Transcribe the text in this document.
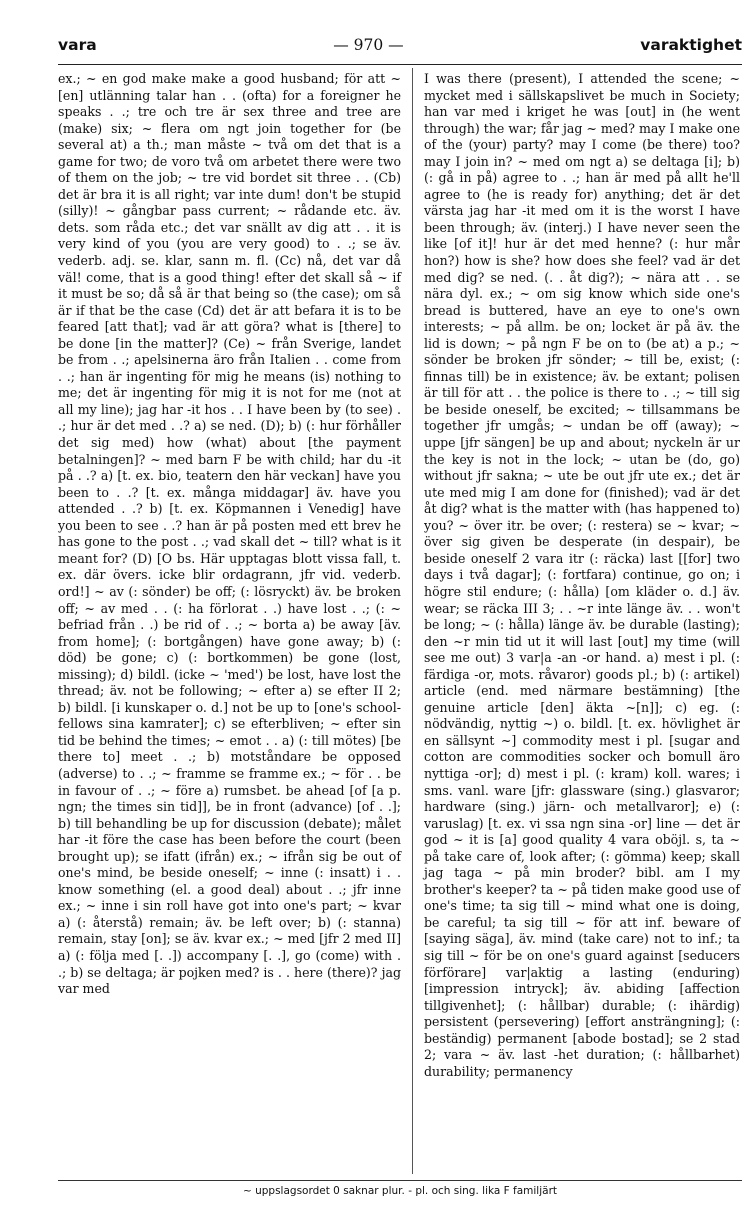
vara	— 970 —	varaktighet

ex.; ~ en god make make a good husband; för att ~ [en] utlänning talar han . . (ofta) for a foreigner he speaks . .; tre och tre är sex three and tree are (make) six; ~ flera om ngt join together for (be several at) a th.; man måste ~ två om det that is a game for two; de voro två om arbetet there were two of them on the job; ~ tre vid bordet sit three . . (Cb) det är bra it is all right; var inte dum! don't be stupid (silly)! ~ gångbar pass current; ~ rådande etc. äv. dets. som råda etc.; det var snällt av dig att . . it is very kind of you (you are very good) to . .; se äv. vederb. adj. se. klar, sann m. fl. (Cc) nå, det var då väl! come, that is a good thing! efter det skall så ~ if it must be so; då så är that being so (the case); om så är if that be the case (Cd) det är att befara it is to be feared [att that]; vad är att göra? what is [there] to be done [in the matter]? (Ce) ~ från Sverige, landet be from . .; apelsinerna äro från Italien . . come from . .; han är ingenting för mig he means (is) nothing to me; det är ingenting för mig it is not for me (not at all my line); jag har -it hos . . I have been by (to see) . .; hur är det med . .? a) se ned. (D); b) (: hur förhåller det sig med) how (what) about [the payment betalningen]? ~ med barn F be with child; har du -it på . .? a) [t. ex. bio, teatern den här veckan] have you been to . .? [t. ex. många middagar] äv. have you attended . .? b) [t. ex. Köpmannen i Venedig] have you been to see . .? han är på posten med ett brev he has gone to the post . .; vad skall det ~ till? what is it meant for? (D) [O bs. Här upptagas blott vissa fall, t. ex. där övers. icke blir ordagrann, jfr vid. vederb. ord!] ~ av (: sönder) be off; (: lösryckt) äv. be broken off; ~ av med . . (: ha förlorat . .) have lost . .; (: ~ befriad från . .) be rid of . .; ~ borta a) be away [äv. from home]; (: bortgången) have gone away; b) (: död) be gone; c) (: bortkommen) be gone (lost, missing); d) bildl. (icke ~ 'med') be lost, have lost the thread; äv. not be following; ~ efter a) se efter II 2; b) bildl. [i kunskaper o. d.] not be up to [one's school-fellows sina kamrater]; c) se efterbliven; ~ efter sin tid be behind the times; ~ emot . . a) (: till mötes) [be there to] meet . .; b) motståndare be opposed (adverse) to . .; ~ framme se framme ex.; ~ för . . be in favour of . .; ~ före a) rumsbet. be ahead [of [a p. ngn; the times sin tid]], be in front (advance) [of . .]; b) till behandling be up for discussion (debate); målet har -it före the case has been before the court (been brought up); se ifatt (ifrån) ex.; ~ ifrån sig be out of one's mind, be beside oneself; ~ inne (: insatt) i . . know something (el. a good deal) about . .; jfr inne ex.; ~ inne i sin roll have got into one's part; ~ kvar a) (: återstå) remain; äv. be left over; b) (: stanna) remain, stay [on]; se äv. kvar ex.; ~ med [jfr 2 med II] a) (: följa med [. .]) accompany [. .], go (come) with . .; b) se deltaga; är pojken med? is . . here (there)? jag var med

I was there (present), I attended the scene; ~ mycket med i sällskapslivet be much in Society; han var med i kriget he was [out] in (he went through) the war; får jag ~ med? may I make one of the (your) party? may I come (be there) too? may I join in? ~ med om ngt a) se deltaga [i]; b) (: gå in på) agree to . .; han är med på allt he'll agree to (he is ready for) anything; det är det värsta jag har -it med om it is the worst I have been through; äv. (interj.) I have never seen the like [of it]! hur är det med henne? (: hur mår hon?) how is she? how does she feel? vad är det med dig? se ned. (. . åt dig?); ~ nära att . . se nära dyl. ex.; ~ om sig know which side one's bread is buttered, have an eye to one's own interests; ~ på allm. be on; locket är på äv. the lid is down; ~ på ngn F be on to (be at) a p.; ~ sönder be broken jfr sönder; ~ till be, exist; (: finnas till) be in existence; äv. be extant; polisen är till för att . . the police is there to . .; ~ till sig be beside oneself, be excited; ~ tillsammans be together jfr umgås; ~ undan be off (away); ~ uppe [jfr sängen] be up and about; nyckeln är ur the key is not in the lock; ~ utan be (do, go) without jfr sakna; ~ ute be out jfr ute ex.; det är ute med mig I am done for (finished); vad är det åt dig? what is the matter with (has happened to) you? ~ över itr. be over; (: restera) se ~ kvar; ~ över sig given be desperate (in despair), be beside oneself 2 vara itr (: räcka) last [[for] two days i två dagar]; (: fortfara) continue, go on; i högre stil endure; (: hålla) [om kläder o. d.] äv. wear; se räcka III 3; . . ~r inte länge äv. . . won't be long; ~ (: hålla) länge äv. be durable (lasting); den ~r min tid ut it will last [out] my time (will see me out) 3 var|a -an -or hand. a) mest i pl. (: färdiga -or, mots. råvaror) goods pl.; b) (: artikel) article (end. med närmare bestämning) [the genuine article [den] äkta ~[n]]; c) eg. (: nödvändig, nyttig ~) o. bildl. [t. ex. hövlighet är en sällsynt ~] commodity mest i pl. [sugar and cotton are commodities socker och bomull äro nyttiga -or]; d) mest i pl. (: kram) koll. wares; i sms. vanl. ware [jfr: glassware (sing.) glasvaror; hardware (sing.) järn- och metallvaror]; e) (: varuslag) [t. ex. vi ssa ngn sina -or] line — det är god ~ it is [a] good quality 4 vara oböjl. s, ta ~ på take care of, look after; (: gömma) keep; skall jag taga ~ på min broder? bibl. am I my brother's keeper? ta ~ på tiden make good use of one's time; ta sig till ~ mind what one is doing, be careful; ta sig till ~ för att inf. beware of [saying säga], äv. mind (take care) not to inf.; ta sig till ~ för be on one's guard against [seducers förförare] var|aktig a lasting (enduring) [impression intryck]; äv. abiding [affection tillgivenhet]; (: hållbar) durable; (: ihärdig) persistent (persevering) [effort ansträngning]; (: beständig) permanent [abode bostad]; se 2 stad 2; vara ~ äv. last -het duration; (: hållbarhet) durability; permanency

~ uppslagsordet 0 saknar plur. - pl. och sing. lika F familjärt
